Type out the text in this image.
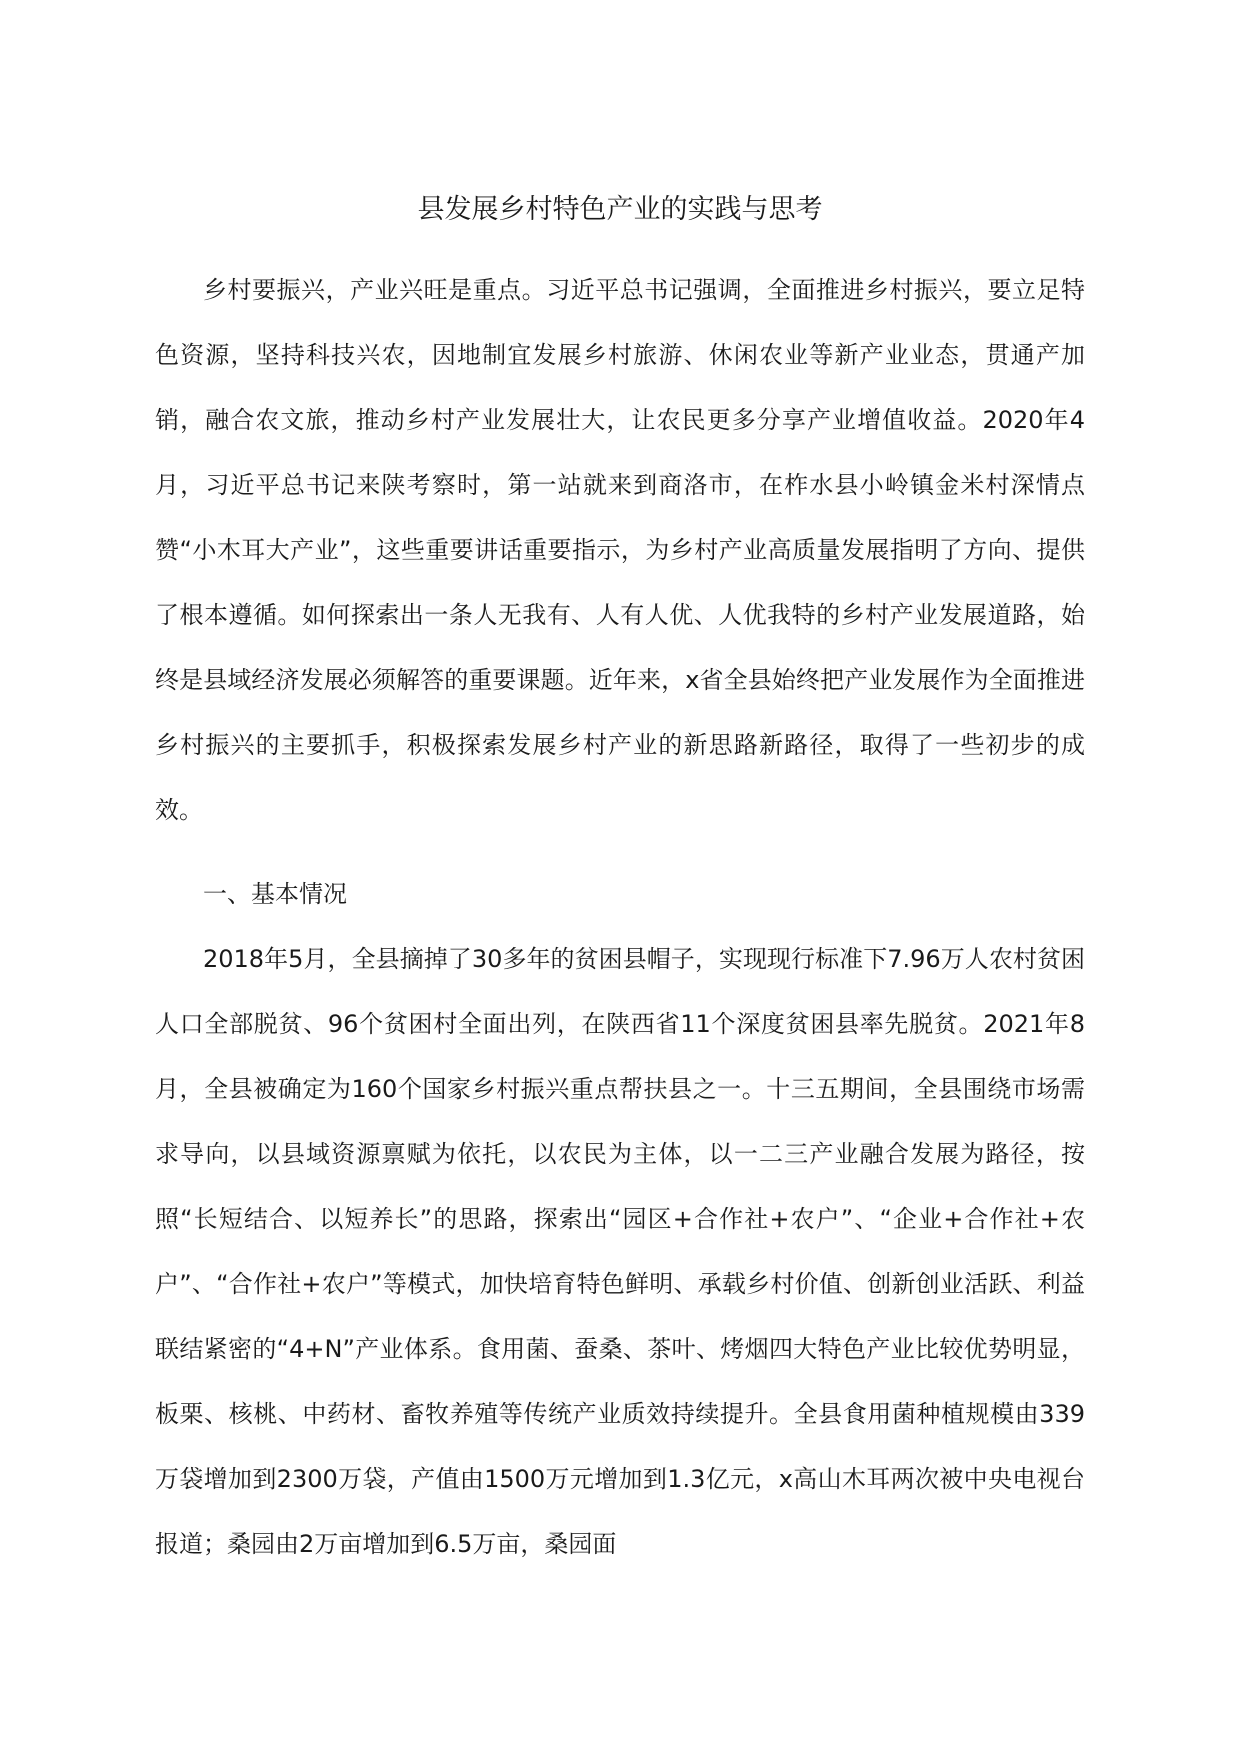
县发展乡村特色产业的实践与思考

乡村要振兴，产业兴旺是重点。习近平总书记强调，全面推进乡村振兴，要立足特色资源，坚持科技兴农，因地制宜发展乡村旅游、休闲农业等新产业业态，贯通产加销，融合农文旅，推动乡村产业发展壮大，让农民更多分享产业增值收益。2020年4月，习近平总书记来陕考察时，第一站就来到商洛市，在柞水县小岭镇金米村深情点赞“小木耳大产业”，这些重要讲话重要指示，为乡村产业高质量发展指明了方向、提供了根本遵循。如何探索出一条人无我有、人有人优、人优我特的乡村产业发展道路，始终是县域经济发展必须解答的重要课题。近年来，x省全县始终把产业发展作为全面推进乡村振兴的主要抓手，积极探索发展乡村产业的新思路新路径，取得了一些初步的成效。

一、基本情况

2018年5月，全县摘掉了30多年的贫困县帽子，实现现行标准下7.96万人农村贫困人口全部脱贫、96个贫困村全面出列，在陕西省11个深度贫困县率先脱贫。2021年8月，全县被确定为160个国家乡村振兴重点帮扶县之一。十三五期间，全县围绕市场需求导向，以县域资源禀赋为依托，以农民为主体，以一二三产业融合发展为路径，按照“长短结合、以短养长”的思路，探索出“园区+合作社+农户”、“企业+合作社+农户”、“合作社+农户”等模式，加快培育特色鲜明、承载乡村价值、创新创业活跃、利益联结紧密的“4+N”产业体系。食用菌、蚕桑、茶叶、烤烟四大特色产业比较优势明显，板栗、核桃、中药材、畜牧养殖等传统产业质效持续提升。全县食用菌种植规模由339万袋增加到2300万袋，产值由1500万元增加到1.3亿元，x高山木耳两次被中央电视台报道；桑园由2万亩增加到6.5万亩，桑园面
